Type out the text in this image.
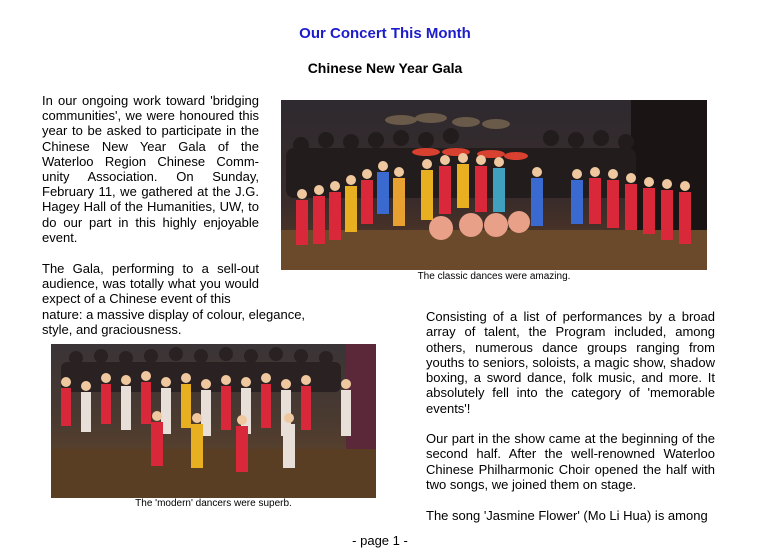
Our Concert This Month
Chinese New Year Gala

In our ongoing work toward 'bridging communities', we were honoured this year to be asked to participate in the Chinese New Year Gala of the Waterloo Region Chinese Comm-unity Association. On Sunday, February 11, we gathered at the J.G. Hagey Hall of the Humanities, UW, to do our part in this highly enjoyable event.

The Gala, performing to a sell-out audience, was totally what you would expect of a Chinese event of this

nature: a massive display of colour, elegance, style, and graciousness.

The classic dances were amazing.
The 'modern' dancers were superb.

Consisting of a list of performances by a broad array of talent, the Program included, among others, numerous dance groups ranging from youths to seniors, soloists, a magic show, shadow boxing, a sword dance, folk music, and more. It absolutely fell into the category of 'memorable events'!

Our part in the show came at the beginning of the second half. After the well-renowned Waterloo Chinese Philharmonic Choir opened the half with two songs, we joined them on stage.

The song 'Jasmine Flower' (Mo Li Hua) is among

- page 1 -
